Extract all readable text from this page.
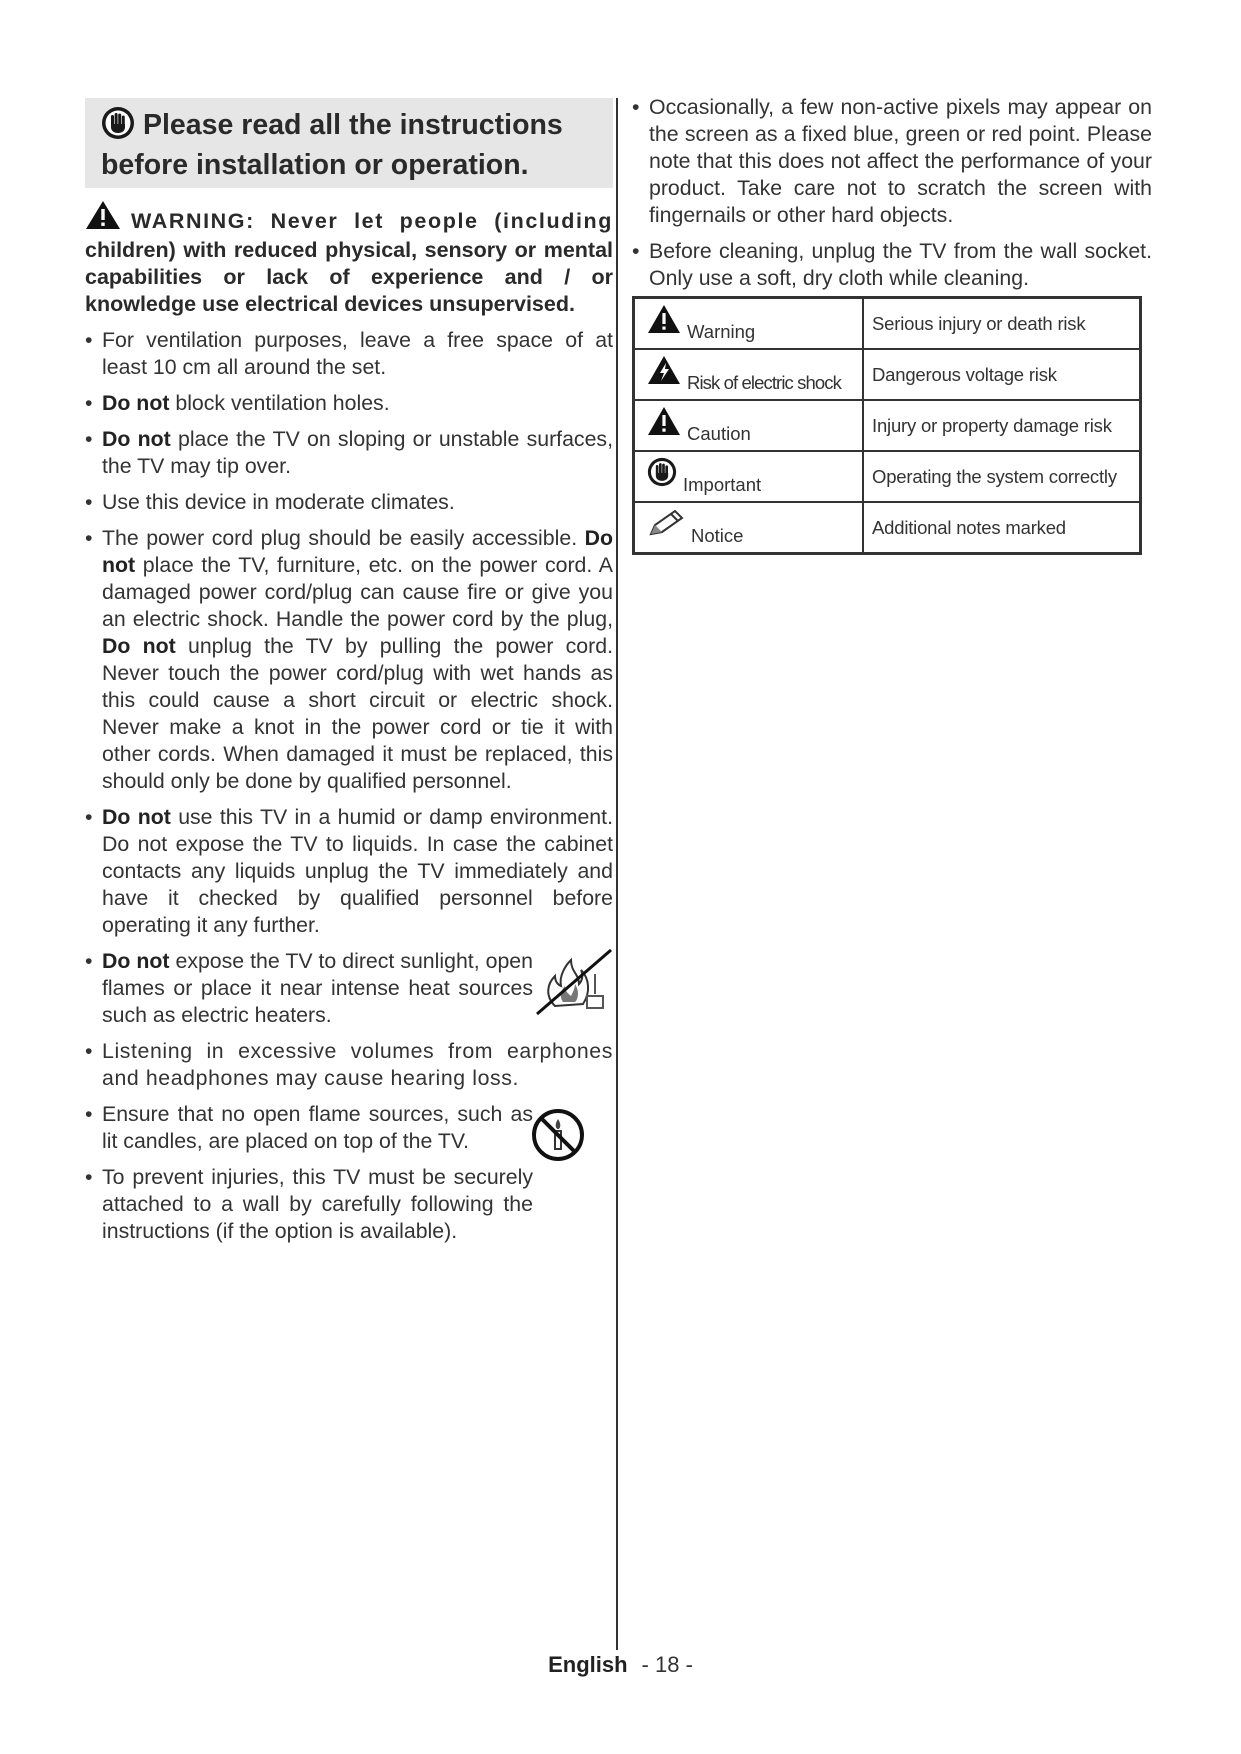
Please read all the instructions
before installation or operation.
WARNING: Never let people (including children) with reduced physical, sensory or mental capabilities or lack of experience and / or knowledge use electrical devices unsupervised.
• For ventilation purposes, leave a free space of at least 10 cm all around the set.
• Do not block ventilation holes.
• Do not place the TV on sloping or unstable surfaces, the TV may tip over.
• Use this device in moderate climates.
• The power cord plug should be easily accessible. Do not place the TV, furniture, etc. on the power cord. A damaged power cord/plug can cause fire or give you an electric shock. Handle the power cord by the plug, Do not unplug the TV by pulling the power cord. Never touch the power cord/plug with wet hands as this could cause a short circuit or electric shock. Never make a knot in the power cord or tie it with other cords. When damaged it must be replaced, this should only be done by qualified personnel.
• Do not use this TV in a humid or damp environment. Do not expose the TV to liquids. In case the cabinet contacts any liquids unplug the TV immediately and have it checked by qualified personnel before operating it any further.
• Do not expose the TV to direct sunlight, open flames or place it near intense heat sources such as electric heaters.
• Listening in excessive volumes from earphones and headphones may cause hearing loss.
• Ensure that no open flame sources, such as lit candles, are placed on top of the TV.
• To prevent injuries, this TV must be securely attached to a wall by carefully following the instructions (if the option is available).
• Occasionally, a few non-active pixels may appear on the screen as a fixed blue, green or red point. Please note that this does not affect the performance of your product. Take care not to scratch the screen with fingernails or other hard objects.
• Before cleaning, unplug the TV from the wall socket. Only use a soft, dry cloth while cleaning.
Warning	Serious injury or death risk
Risk of electric shock	Dangerous voltage risk
Caution	Injury or property damage risk
Important	Operating the system correctly
Notice	Additional notes marked
English - 18 -
